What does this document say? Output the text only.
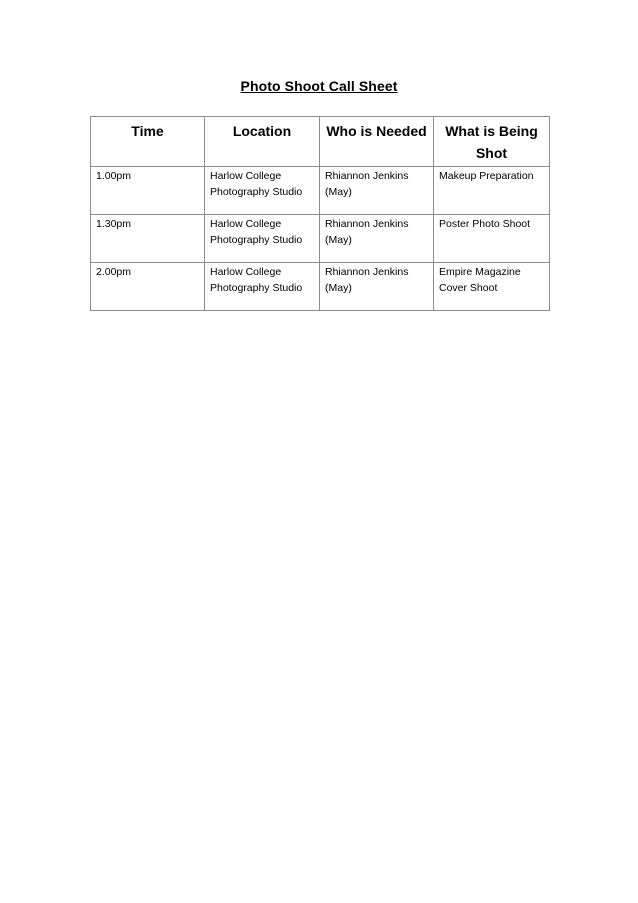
Photo Shoot Call Sheet
Time	Location	Who is Needed	What is Being Shot
1.00pm	Harlow College Photography Studio	Rhiannon Jenkins (May)	Makeup Preparation
1.30pm	Harlow College Photography Studio	Rhiannon Jenkins (May)	Poster Photo Shoot
2.00pm	Harlow College Photography Studio	Rhiannon Jenkins (May)	Empire Magazine Cover Shoot
